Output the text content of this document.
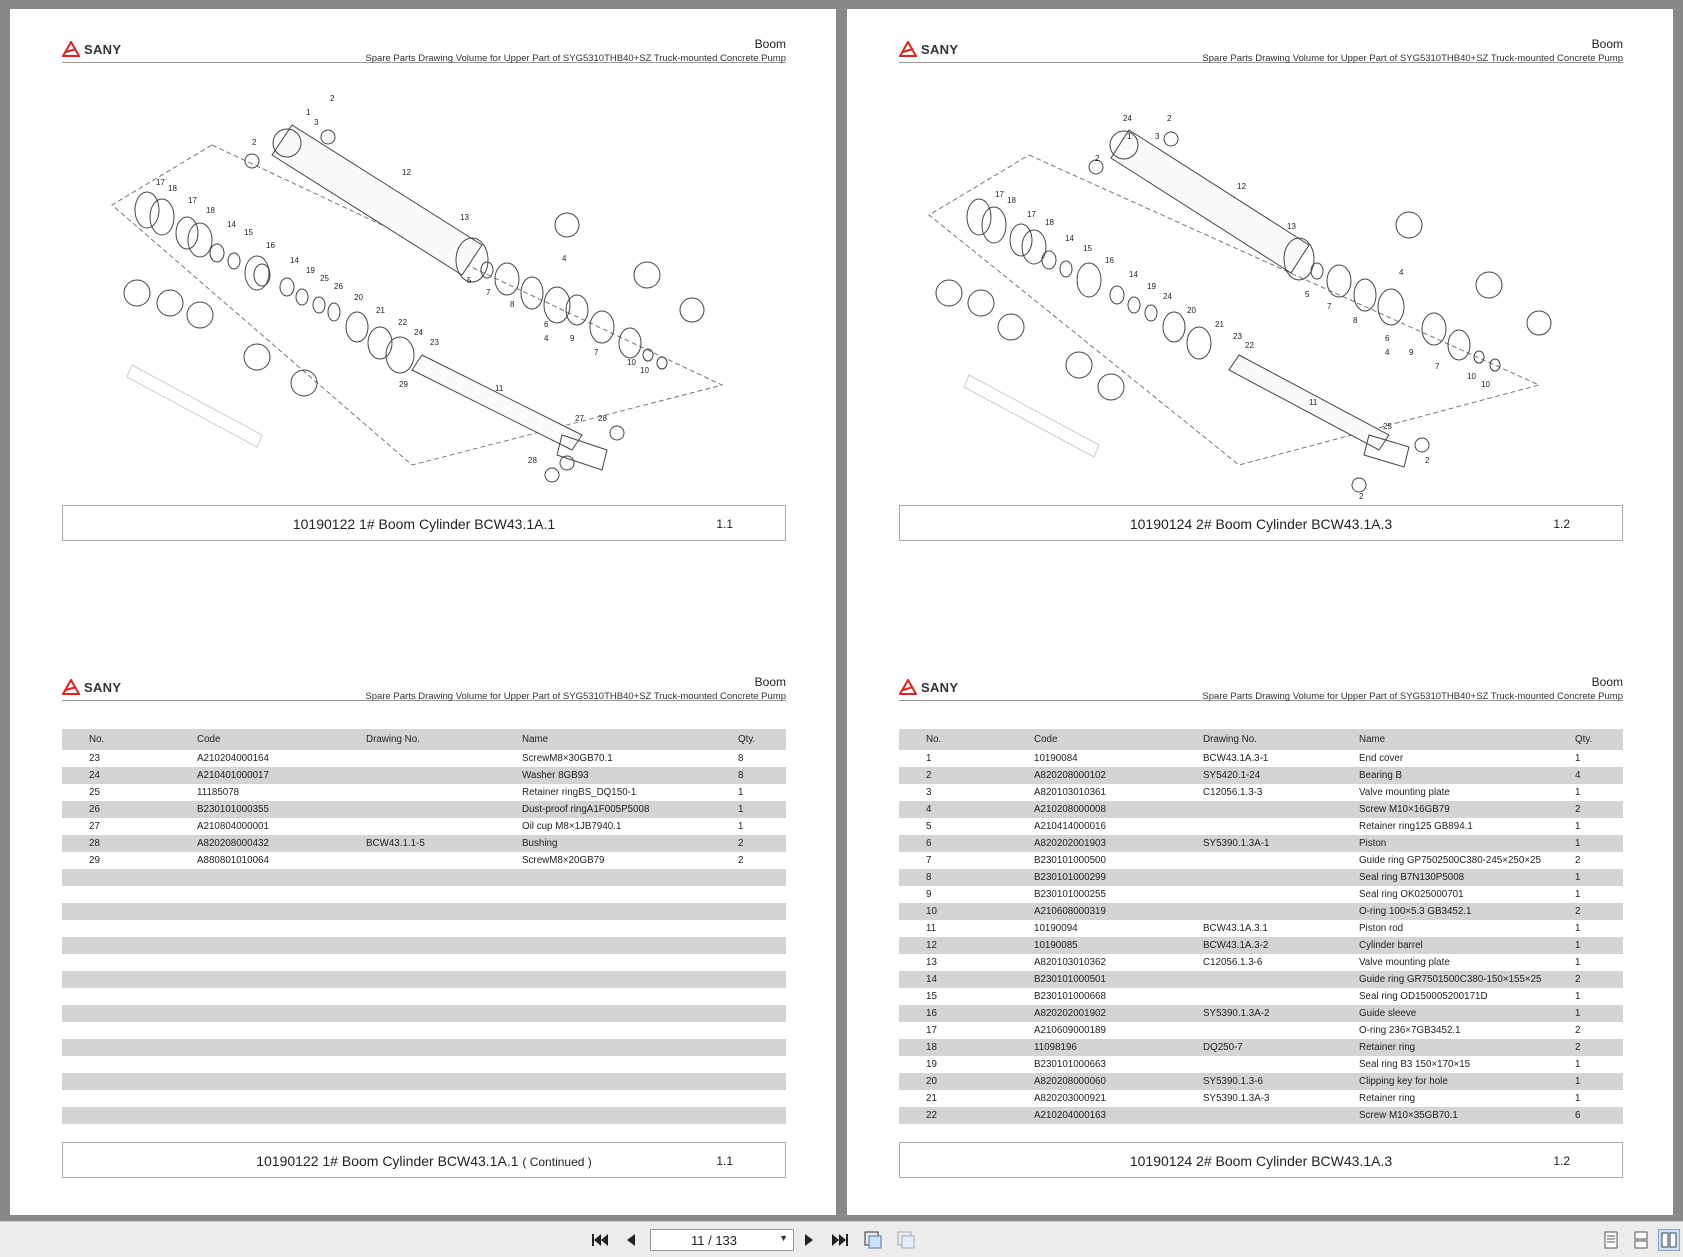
SANY	Boom
Spare Parts Drawing Volume for Upper Part of SYG5310THB40+SZ Truck-mounted Concrete Pump
1
2
3
2
12
13
17
18
17
18
14
15
16
14
19
25
26
20
21
22
24
23
5
7
8
4
6
4	9
7
10
10
29	11
27 28
28
10190122 1# Boom Cylinder BCW43.1A.1	1.1
SANY	Boom
Spare Parts Drawing Volume for Upper Part of SYG5310THB40+SZ Truck-mounted Concrete Pump
No.	Code	Drawing No.	Name	Qty.
23	A210204000164		ScrewM8×30GB70.1	8
24	A210401000017		Washer 8GB93	8
25	11185078		Retainer ringBS_DQ150-1	1
26	B230101000355		Dust-proof ringA1F005P5008	1
27	A210804000001		Oil cup M8×1JB7940.1	1
28	A820208000432	BCW43.1.1-5	Bushing	2
29	A880801010064		ScrewM8×20GB79	2

10190122 1# Boom Cylinder BCW43.1A.1 ( Continued )	1.1
SANY	Boom
Spare Parts Drawing Volume for Upper Part of SYG5310THB40+SZ Truck-mounted Concrete Pump
24	2
1	3
2
12
13
17
18
17
18
14
15
16
14
19
24
20
21
23
22
5
7
8
4
6
4 9
7
10
10
11
25
2
2
10190124 2# Boom Cylinder BCW43.1A.3	1.2
SANY	Boom
Spare Parts Drawing Volume for Upper Part of SYG5310THB40+SZ Truck-mounted Concrete Pump
No.	Code	Drawing No.	Name	Qty.
1	10190084	BCW43.1A.3-1	End cover	1
2	A820208000102	SY5420.1-24	Bearing B	4
3	A820103010361	C12056.1.3-3	Valve mounting plate	1
4	A210208000008		Screw M10×16GB79	2
5	A210414000016		Retainer ring125 GB894.1	1
6	A820202001903	SY5390.1.3A-1	Piston	1
7	B230101000500		Guide ring GP7502500C380-245×250×25	2
8	B230101000299		Seal ring B7N130P5008	1
9	B230101000255		Seal ring OK025000701	1
10	A210608000319		O-ring 100×5.3 GB3452.1	2
11	10190094	BCW43.1A.3.1	Piston rod	1
12	10190085	BCW43.1A.3-2	Cylinder barrel	1
13	A820103010362	C12056.1.3-6	Valve mounting plate	1
14	B230101000501		Guide ring GR7501500C380-150×155×25	2
15	B230101000668		Seal ring OD150005200171D	1
16	A820202001902	SY5390.1.3A-2	Guide sleeve	1
17	A210609000189		O-ring 236×7GB3452.1	2
18	11098196	DQ250-7	Retainer ring	2
19	B230101000663		Seal ring B3 150×170×15	1
20	A820208000060	SY5390.1.3-6	Clipping key for hole	1
21	A820203000921	SY5390.1.3A-3	Retainer ring	1
22	A210204000163		Screw M10×35GB70.1	6
10190124 2# Boom Cylinder BCW43.1A.3	1.2
11 / 133	▼
